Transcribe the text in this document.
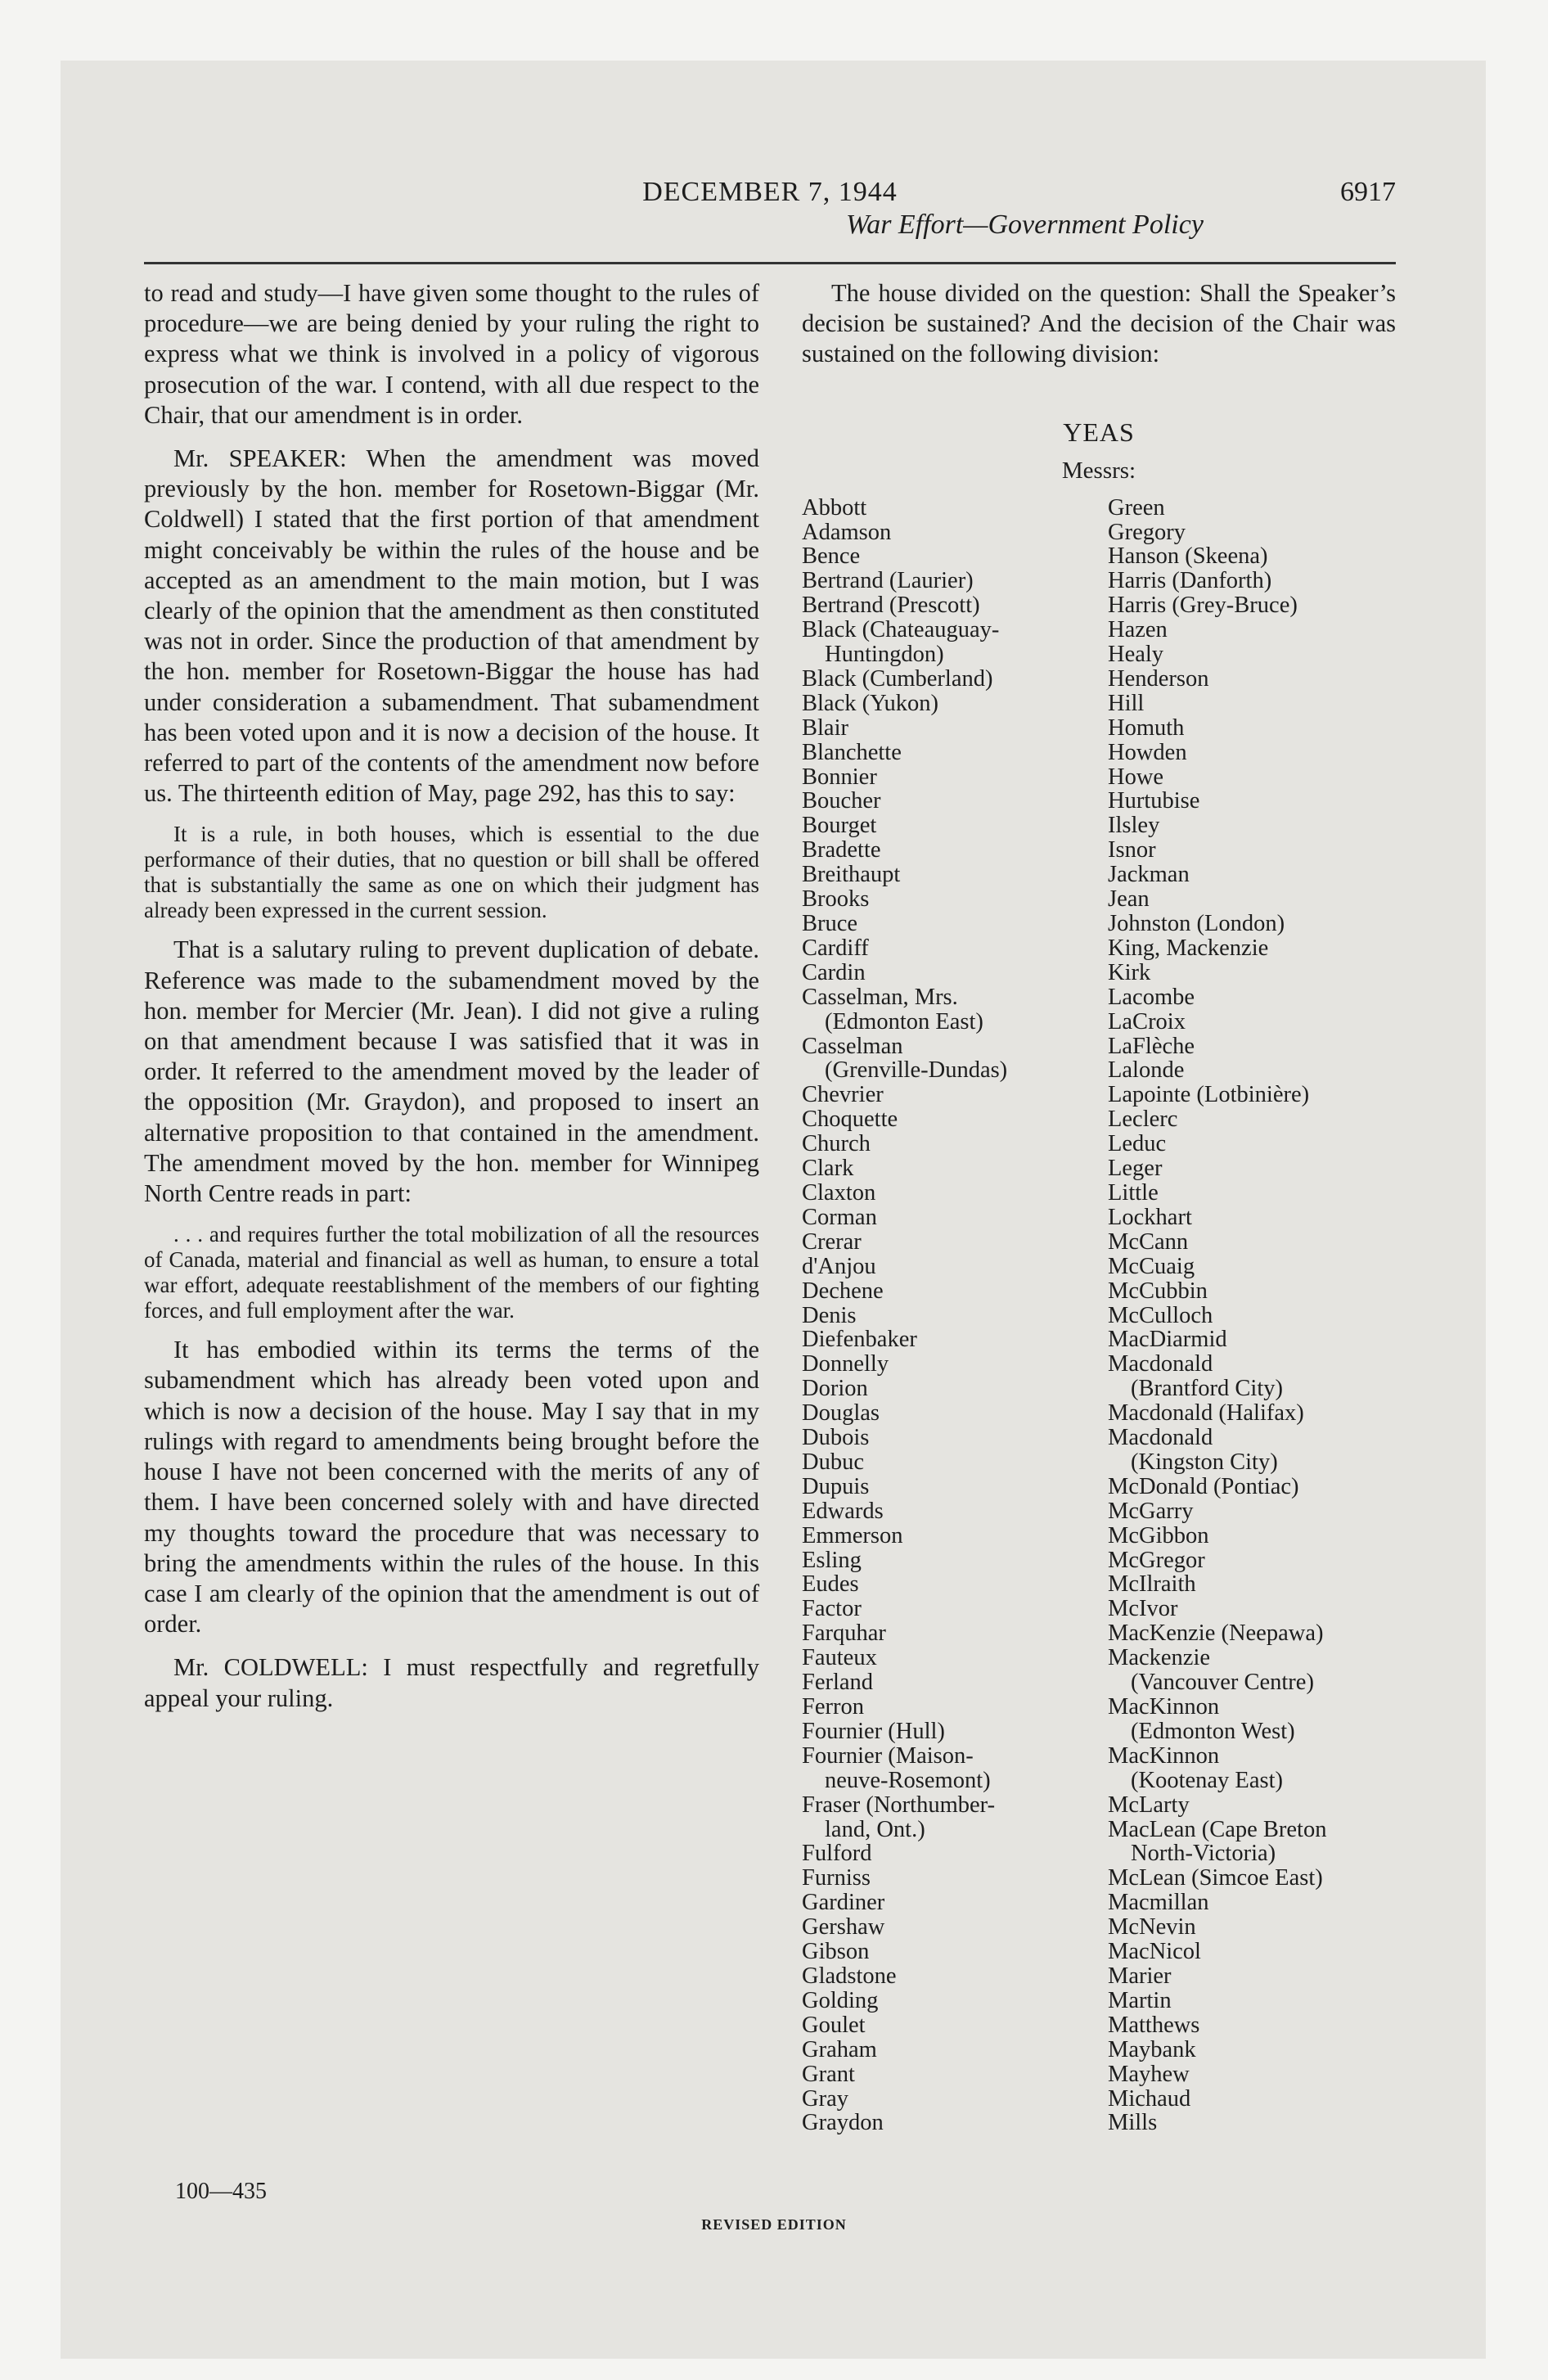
DECEMBER 7, 1944	6917
War Effort—Government Policy

to read and study—I have given some thought to the rules of procedure—we are being denied by your ruling the right to express what we think is involved in a policy of vigorous prosecution of the war. I contend, with all due respect to the Chair, that our amendment is in order.

Mr. SPEAKER: When the amendment was moved previously by the hon. member for Rosetown-Biggar (Mr. Coldwell) I stated that the first portion of that amendment might conceivably be within the rules of the house and be accepted as an amendment to the main motion, but I was clearly of the opinion that the amendment as then constituted was not in order. Since the production of that amendment by the hon. member for Rosetown-Biggar the house has had under consideration a subamendment. That subamendment has been voted upon and it is now a decision of the house. It referred to part of the contents of the amendment now before us. The thirteenth edition of May, page 292, has this to say:

It is a rule, in both houses, which is essential to the due performance of their duties, that no question or bill shall be offered that is substantially the same as one on which their judgment has already been expressed in the current session.

That is a salutary ruling to prevent duplication of debate. Reference was made to the subamendment moved by the hon. member for Mercier (Mr. Jean). I did not give a ruling on that amendment because I was satisfied that it was in order. It referred to the amendment moved by the leader of the opposition (Mr. Graydon), and proposed to insert an alternative proposition to that contained in the amendment. The amendment moved by the hon. member for Winnipeg North Centre reads in part:

. . . and requires further the total mobilization of all the resources of Canada, material and financial as well as human, to ensure a total war effort, adequate reestablishment of the members of our fighting forces, and full employment after the war.

It has embodied within its terms the terms of the subamendment which has already been voted upon and which is now a decision of the house. May I say that in my rulings with regard to amendments being brought before the house I have not been concerned with the merits of any of them. I have been concerned solely with and have directed my thoughts toward the procedure that was necessary to bring the amendments within the rules of the house. In this case I am clearly of the opinion that the amendment is out of order.

Mr. COLDWELL: I must respectfully and regretfully appeal your ruling.

The house divided on the question: Shall the Speaker’s decision be sustained? And the decision of the Chair was sustained on the following division:

YEAS
Messrs:
Abbott
Adamson
Bence
Bertrand (Laurier)
Bertrand (Prescott)
Black (Chateauguay-
Huntingdon)
Black (Cumberland)
Black (Yukon)
Blair
Blanchette
Bonnier
Boucher
Bourget
Bradette
Breithaupt
Brooks
Bruce
Cardiff
Cardin
Casselman, Mrs.
(Edmonton East)
Casselman
(Grenville-Dundas)
Chevrier
Choquette
Church
Clark
Claxton
Corman
Crerar
d'Anjou
Dechene
Denis
Diefenbaker
Donnelly
Dorion
Douglas
Dubois
Dubuc
Dupuis
Edwards
Emmerson
Esling
Eudes
Factor
Farquhar
Fauteux
Ferland
Ferron
Fournier (Hull)
Fournier (Maison-
neuve-Rosemont)
Fraser (Northumber-
land, Ont.)
Fulford
Furniss
Gardiner
Gershaw
Gibson
Gladstone
Golding
Goulet
Graham
Grant
Gray
Graydon
Green
Gregory
Hanson (Skeena)
Harris (Danforth)
Harris (Grey-Bruce)
Hazen
Healy
Henderson
Hill
Homuth
Howden
Howe
Hurtubise
Ilsley
Isnor
Jackman
Jean
Johnston (London)
King, Mackenzie
Kirk
Lacombe
LaCroix
LaFlèche
Lalonde
Lapointe (Lotbinière)
Leclerc
Leduc
Leger
Little
Lockhart
McCann
McCuaig
McCubbin
McCulloch
MacDiarmid
Macdonald
(Brantford City)
Macdonald (Halifax)
Macdonald
(Kingston City)
McDonald (Pontiac)
McGarry
McGibbon
McGregor
McIlraith
McIvor
MacKenzie (Neepawa)
Mackenzie
(Vancouver Centre)
MacKinnon
(Edmonton West)
MacKinnon
(Kootenay East)
McLarty
MacLean (Cape Breton
North-Victoria)
McLean (Simcoe East)
Macmillan
McNevin
MacNicol
Marier
Martin
Matthews
Maybank
Mayhew
Michaud
Mills
100—435
REVISED EDITION
